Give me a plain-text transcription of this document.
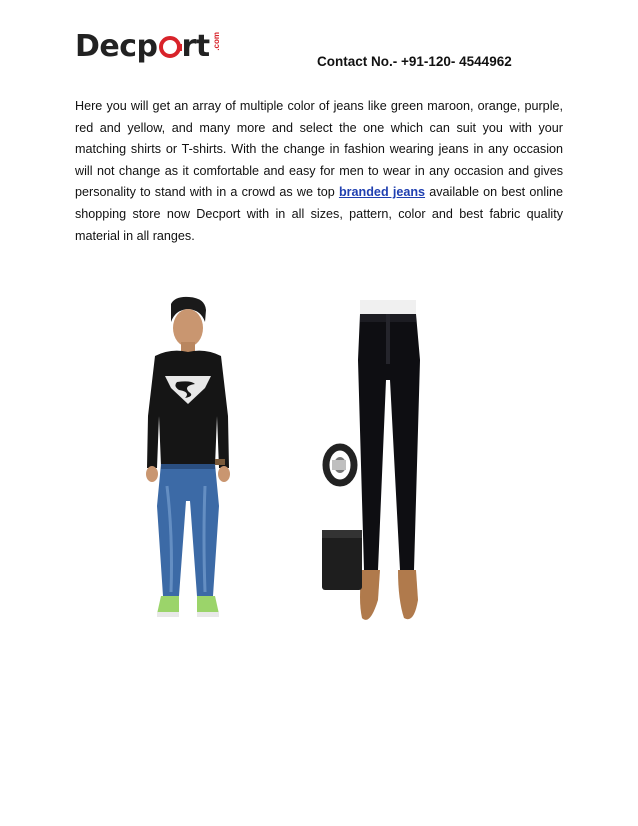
Decp rt .com
Contact No.- +91-120- 4544962

Here you will get an array of multiple color of jeans like green maroon, orange, purple, red and yellow, and many more and select the one which can suit you with your matching shirts or T-shirts. With the change in fashion wearing jeans in any occasion will not change as it comfortable and easy for men to wear in any occasion and gives personality to stand with in a crowd as we top branded jeans available on best online shopping store now Decport with in all sizes, pattern, color and best fabric quality material in all ranges.
